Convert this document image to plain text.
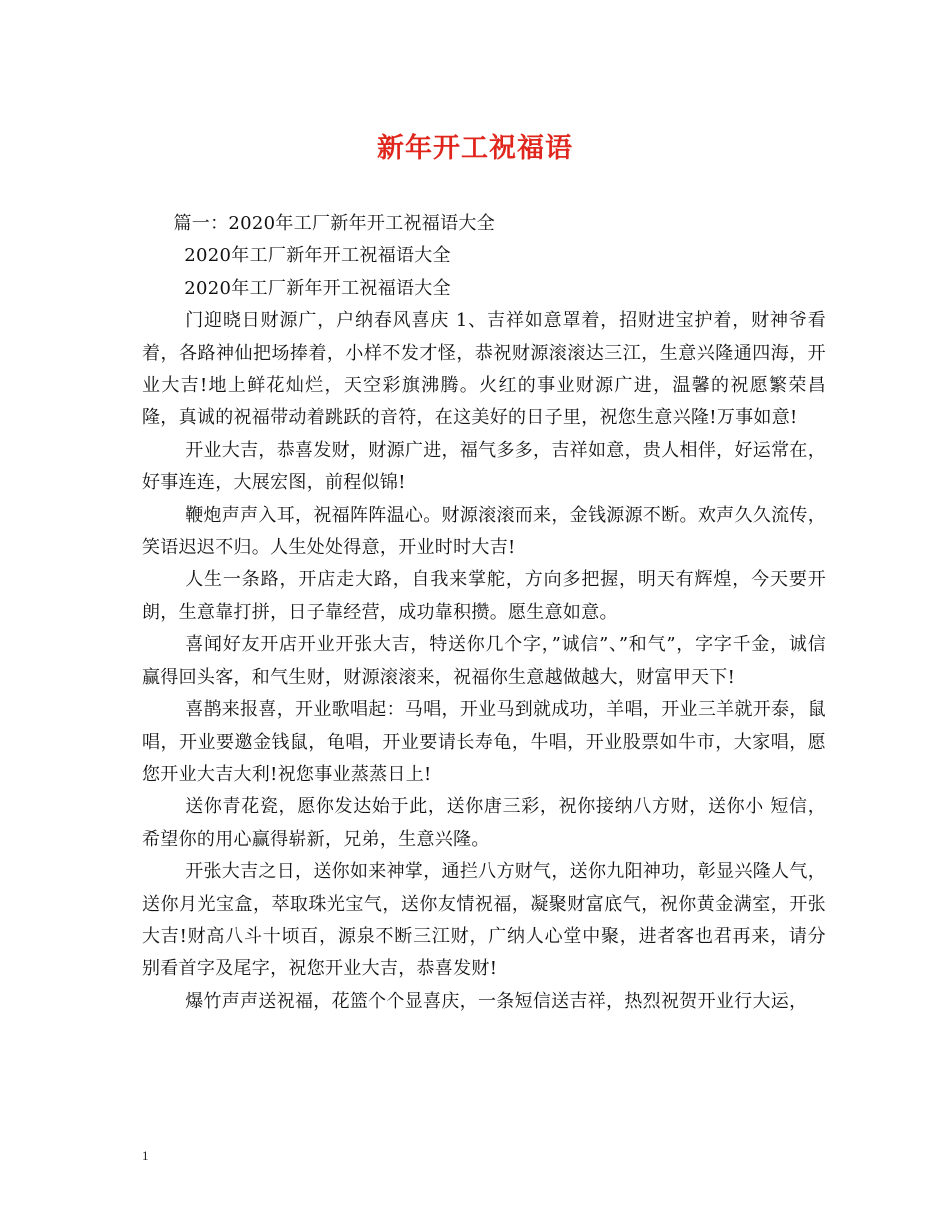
新年开工祝福语

篇一：2020年工厂新年开工祝福语大全

2020年工厂新年开工祝福语大全

2020年工厂新年开工祝福语大全

门迎晓日财源广，户纳春风喜庆 1、吉祥如意罩着，招财进宝护着，财神爷看着，各路神仙把场捧着，小样不发才怪，恭祝财源滚滚达三江，生意兴隆通四海，开业大吉!地上鲜花灿烂，天空彩旗沸腾。火红的事业财源广进，温馨的祝愿繁荣昌隆，真诚的祝福带动着跳跃的音符，在这美好的日子里，祝您生意兴隆!万事如意!

开业大吉，恭喜发财，财源广进，福气多多，吉祥如意，贵人相伴，好运常在，好事连连，大展宏图，前程似锦!

鞭炮声声入耳，祝福阵阵温心。财源滚滚而来，金钱源源不断。欢声久久流传，笑语迟迟不归。人生处处得意，开业时时大吉!

人生一条路，开店走大路，自我来掌舵，方向多把握，明天有辉煌，今天要开朗，生意靠打拼，日子靠经营，成功靠积攒。愿生意如意。

喜闻好友开店开业开张大吉，特送你几个字，”诚信”、”和气”，字字千金，诚信赢得回头客，和气生财，财源滚滚来，祝福你生意越做越大，财富甲天下!

喜鹊来报喜，开业歌唱起：马唱，开业马到就成功，羊唱，开业三羊就开泰，鼠唱，开业要邀金钱鼠，龟唱，开业要请长寿龟，牛唱，开业股票如牛市，大家唱，愿您开业大吉大利!祝您事业蒸蒸日上!

送你青花瓷，愿你发达始于此，送你唐三彩，祝你接纳八方财，送你小 短信，希望你的用心赢得崭新，兄弟，生意兴隆。

开张大吉之日，送你如来神掌，通拦八方财气，送你九阳神功，彰显兴隆人气，送你月光宝盒，萃取珠光宝气，送你友情祝福，凝聚财富底气，祝你黄金满室，开张大吉!财高八斗十顷百，源泉不断三江财，广纳人心堂中聚，进者客也君再来，请分别看首字及尾字，祝您开业大吉，恭喜发财!

爆竹声声送祝福，花篮个个显喜庆，一条短信送吉祥，热烈祝贺开业行大运，

1
